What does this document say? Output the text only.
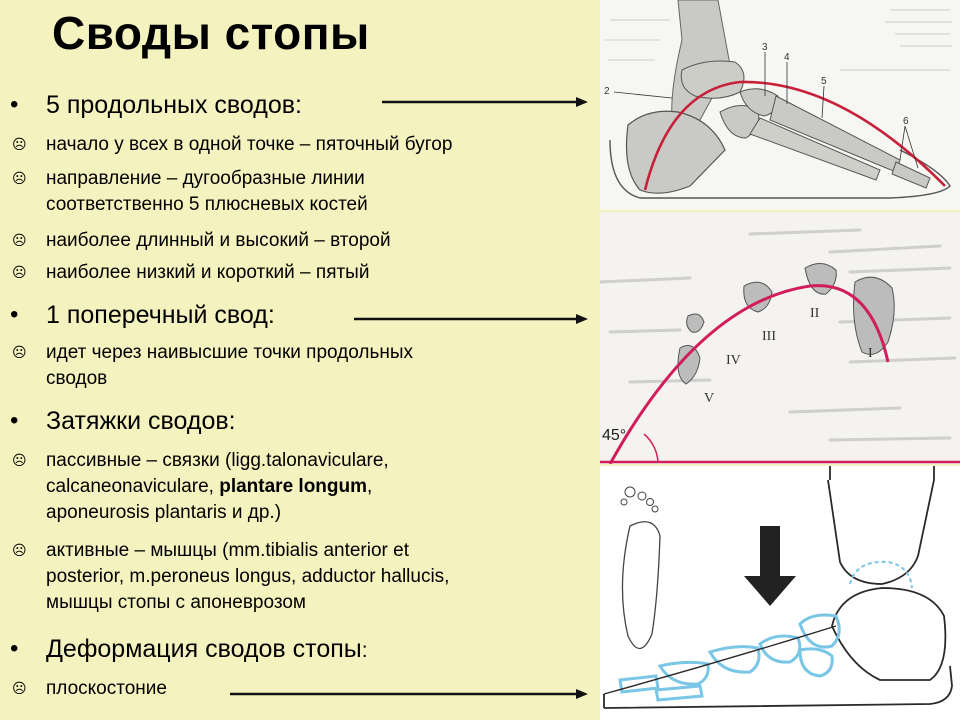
Своды стопы
•	5 продольных сводов:
☹	начало у всех в одной точке – пяточный бугор
☹	направление – дугообразные линии
соответственно 5 плюсневых костей
☹	наиболее длинный и высокий – второй
☹	наиболее низкий и короткий – пятый
•	1 поперечный свод:
☹	идет через наивысшие точки продольных
сводов
•	Затяжки сводов:
☹	пассивные – связки (ligg.talonaviculare,
calcaneonaviculare, plantare longum,
aponeurosis plantaris и др.)
☹	активные – мышцы (mm.tibialis anterior et
posterior, m.peroneus longus, adductor hallucis,
мышцы стопы с апоневрозом
•	Деформация сводов стопы:
☹	плоскостоние
2
3
4
5
6
I
II
III
IV
V
45°
